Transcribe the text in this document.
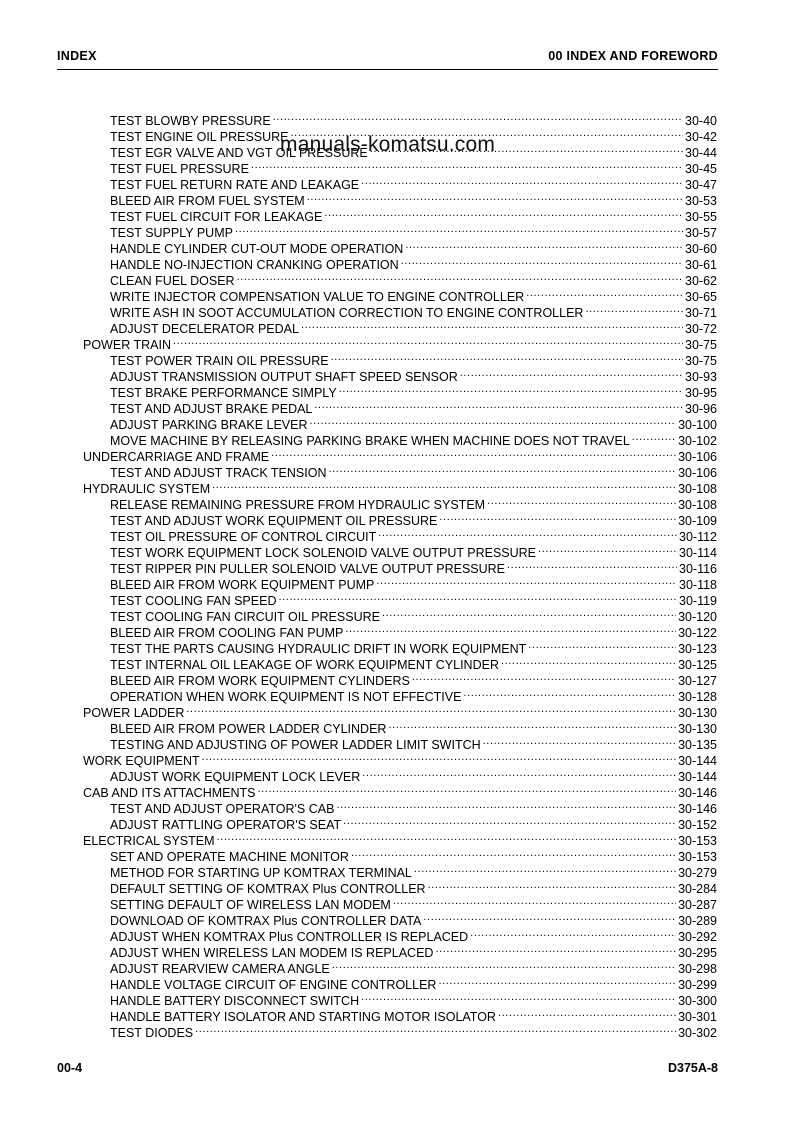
INDEX	00 INDEX AND FOREWORD
TEST BLOWBY PRESSURE .....	30-40
TEST ENGINE OIL PRESSURE .....	30-42
TEST EGR VALVE AND VGT OIL PRESSURE .....	30-44
TEST FUEL PRESSURE .....	30-45
TEST FUEL RETURN RATE AND LEAKAGE .....	30-47
BLEED AIR FROM FUEL SYSTEM .....	30-53
TEST FUEL CIRCUIT FOR LEAKAGE .....	30-55
TEST SUPPLY PUMP .....	30-57
HANDLE CYLINDER CUT-OUT MODE OPERATION .....	30-60
HANDLE NO-INJECTION CRANKING OPERATION .....	30-61
CLEAN FUEL DOSER .....	30-62
WRITE INJECTOR COMPENSATION VALUE TO ENGINE CONTROLLER .....	30-65
WRITE ASH IN SOOT ACCUMULATION CORRECTION TO ENGINE CONTROLLER .....	30-71
ADJUST DECELERATOR PEDAL .....	30-72
POWER TRAIN .....	30-75
TEST POWER TRAIN OIL PRESSURE .....	30-75
ADJUST TRANSMISSION OUTPUT SHAFT SPEED SENSOR .....	30-93
TEST BRAKE PERFORMANCE SIMPLY .....	30-95
TEST AND ADJUST BRAKE PEDAL .....	30-96
ADJUST PARKING BRAKE LEVER .....	30-100
MOVE MACHINE BY RELEASING PARKING BRAKE WHEN MACHINE DOES NOT TRAVEL .....	30-102
UNDERCARRIAGE AND FRAME .....	30-106
TEST AND ADJUST TRACK TENSION .....	30-106
HYDRAULIC SYSTEM .....	30-108
RELEASE REMAINING PRESSURE FROM HYDRAULIC SYSTEM .....	30-108
TEST AND ADJUST WORK EQUIPMENT OIL PRESSURE .....	30-109
TEST OIL PRESSURE OF CONTROL CIRCUIT .....	30-112
TEST WORK EQUIPMENT LOCK SOLENOID VALVE OUTPUT PRESSURE .....	30-114
TEST RIPPER PIN PULLER SOLENOID VALVE OUTPUT PRESSURE .....	30-116
BLEED AIR FROM WORK EQUIPMENT PUMP .....	30-118
TEST COOLING FAN SPEED .....	30-119
TEST COOLING FAN CIRCUIT OIL PRESSURE .....	30-120
BLEED AIR FROM COOLING FAN PUMP .....	30-122
TEST THE PARTS CAUSING HYDRAULIC DRIFT IN WORK EQUIPMENT .....	30-123
TEST INTERNAL OIL LEAKAGE OF WORK EQUIPMENT CYLINDER .....	30-125
BLEED AIR FROM WORK EQUIPMENT CYLINDERS .....	30-127
OPERATION WHEN WORK EQUIPMENT IS NOT EFFECTIVE .....	30-128
POWER LADDER .....	30-130
BLEED AIR FROM POWER LADDER CYLINDER .....	30-130
TESTING AND ADJUSTING OF POWER LADDER LIMIT SWITCH .....	30-135
WORK EQUIPMENT .....	30-144
ADJUST WORK EQUIPMENT LOCK LEVER .....	30-144
CAB AND ITS ATTACHMENTS .....	30-146
TEST AND ADJUST OPERATOR'S CAB .....	30-146
ADJUST RATTLING OPERATOR'S SEAT .....	30-152
ELECTRICAL SYSTEM .....	30-153
SET AND OPERATE MACHINE MONITOR .....	30-153
METHOD FOR STARTING UP KOMTRAX TERMINAL .....	30-279
DEFAULT SETTING OF KOMTRAX Plus CONTROLLER .....	30-284
SETTING DEFAULT OF WIRELESS LAN MODEM .....	30-287
DOWNLOAD OF KOMTRAX Plus CONTROLLER DATA .....	30-289
ADJUST WHEN KOMTRAX Plus CONTROLLER IS REPLACED .....	30-292
ADJUST WHEN WIRELESS LAN MODEM IS REPLACED .....	30-295
ADJUST REARVIEW CAMERA ANGLE .....	30-298
HANDLE VOLTAGE CIRCUIT OF ENGINE CONTROLLER .....	30-299
HANDLE BATTERY DISCONNECT SWITCH .....	30-300
HANDLE BATTERY ISOLATOR AND STARTING MOTOR ISOLATOR .....	30-301
TEST DIODES .....	30-302
manuals-komatsu.com
00-4	D375A-8
